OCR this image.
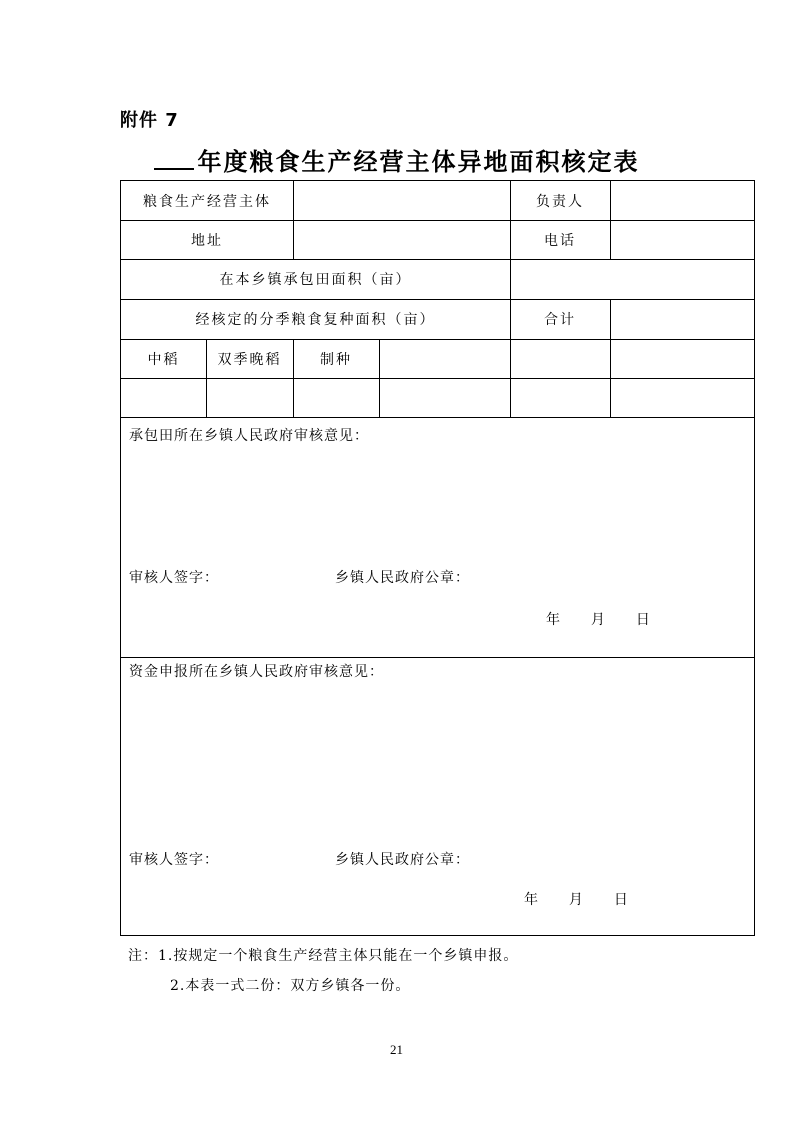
附件 7
年度粮食生产经营主体异地面积核定表
粮食生产经营主体	负责人
地址	电话
在本乡镇承包田面积（亩）
经核定的分季粮食复种面积（亩）	合计
中稻	双季晚稻	制种
承包田所在乡镇人民政府审核意见：
审核人签字：	乡镇人民政府公章：
年 月 日
资金申报所在乡镇人民政府审核意见：
审核人签字：	乡镇人民政府公章：
年 月 日
注：1.按规定一个粮食生产经营主体只能在一个乡镇申报。
2.本表一式二份：双方乡镇各一份。
21
